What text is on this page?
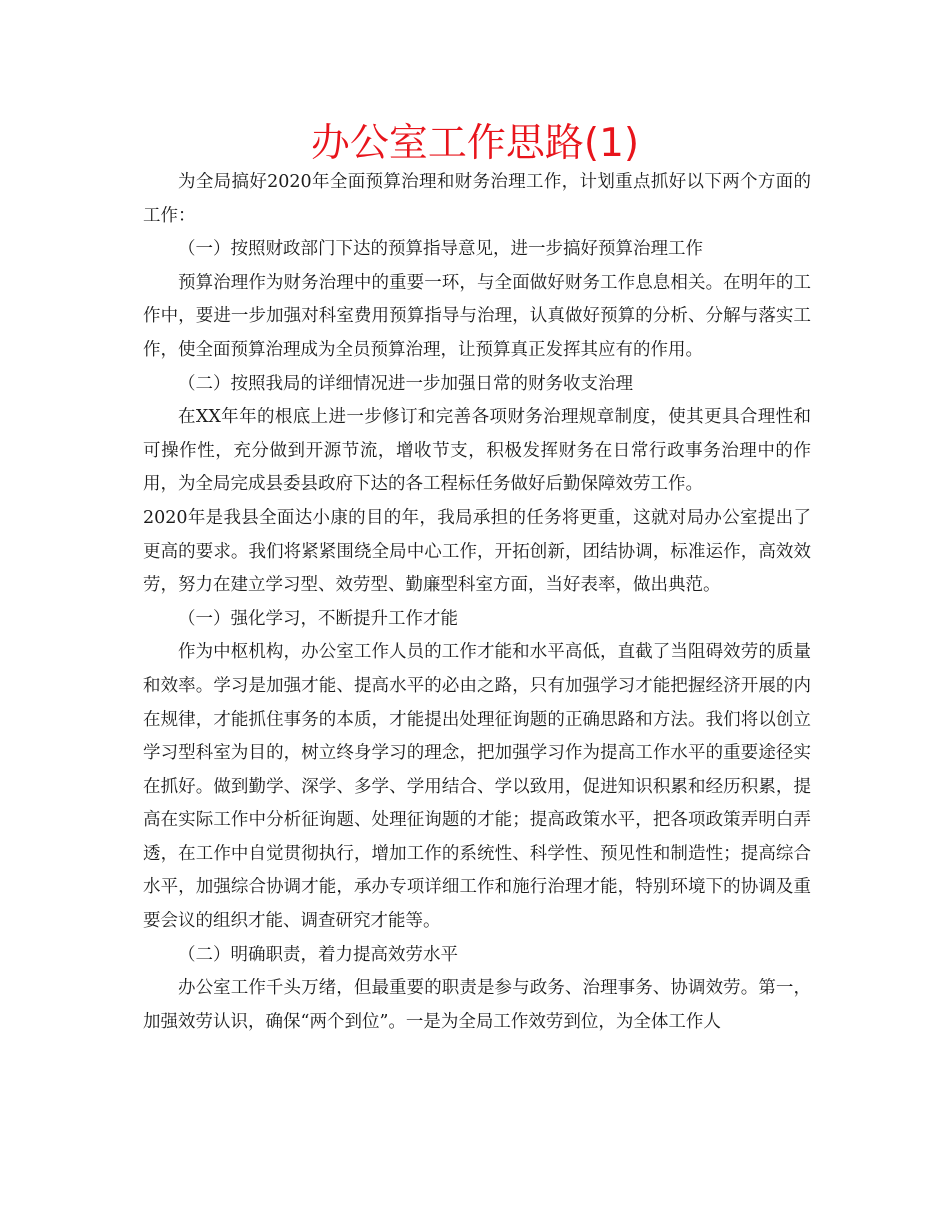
办公室工作思路(1)

为全局搞好2020年全面预算治理和财务治理工作，计划重点抓好以下两个方面的工作：

（一）按照财政部门下达的预算指导意见，进一步搞好预算治理工作

预算治理作为财务治理中的重要一环，与全面做好财务工作息息相关。在明年的工作中，要进一步加强对科室费用预算指导与治理，认真做好预算的分析、分解与落实工作，使全面预算治理成为全员预算治理，让预算真正发挥其应有的作用。

（二）按照我局的详细情况进一步加强日常的财务收支治理

在XX年年的根底上进一步修订和完善各项财务治理规章制度，使其更具合理性和可操作性，充分做到开源节流，增收节支，积极发挥财务在日常行政事务治理中的作用，为全局完成县委县政府下达的各工程标任务做好后勤保障效劳工作。

2020年是我县全面达小康的目的年，我局承担的任务将更重，这就对局办公室提出了更高的要求。我们将紧紧围绕全局中心工作，开拓创新，团结协调，标准运作，高效效劳，努力在建立学习型、效劳型、勤廉型科室方面，当好表率，做出典范。

（一）强化学习，不断提升工作才能

作为中枢机构，办公室工作人员的工作才能和水平高低，直截了当阻碍效劳的质量和效率。学习是加强才能、提高水平的必由之路，只有加强学习才能把握经济开展的内在规律，才能抓住事务的本质，才能提出处理征询题的正确思路和方法。我们将以创立学习型科室为目的，树立终身学习的理念，把加强学习作为提高工作水平的重要途径实在抓好。做到勤学、深学、多学、学用结合、学以致用，促进知识积累和经历积累，提高在实际工作中分析征询题、处理征询题的才能；提高政策水平，把各项政策弄明白弄透，在工作中自觉贯彻执行，增加工作的系统性、科学性、预见性和制造性；提高综合水平，加强综合协调才能，承办专项详细工作和施行治理才能，特别环境下的协调及重要会议的组织才能、调查研究才能等。

（二）明确职责，着力提高效劳水平

办公室工作千头万绪，但最重要的职责是参与政务、治理事务、协调效劳。第一，加强效劳认识，确保“两个到位”。一是为全局工作效劳到位，为全体工作人
